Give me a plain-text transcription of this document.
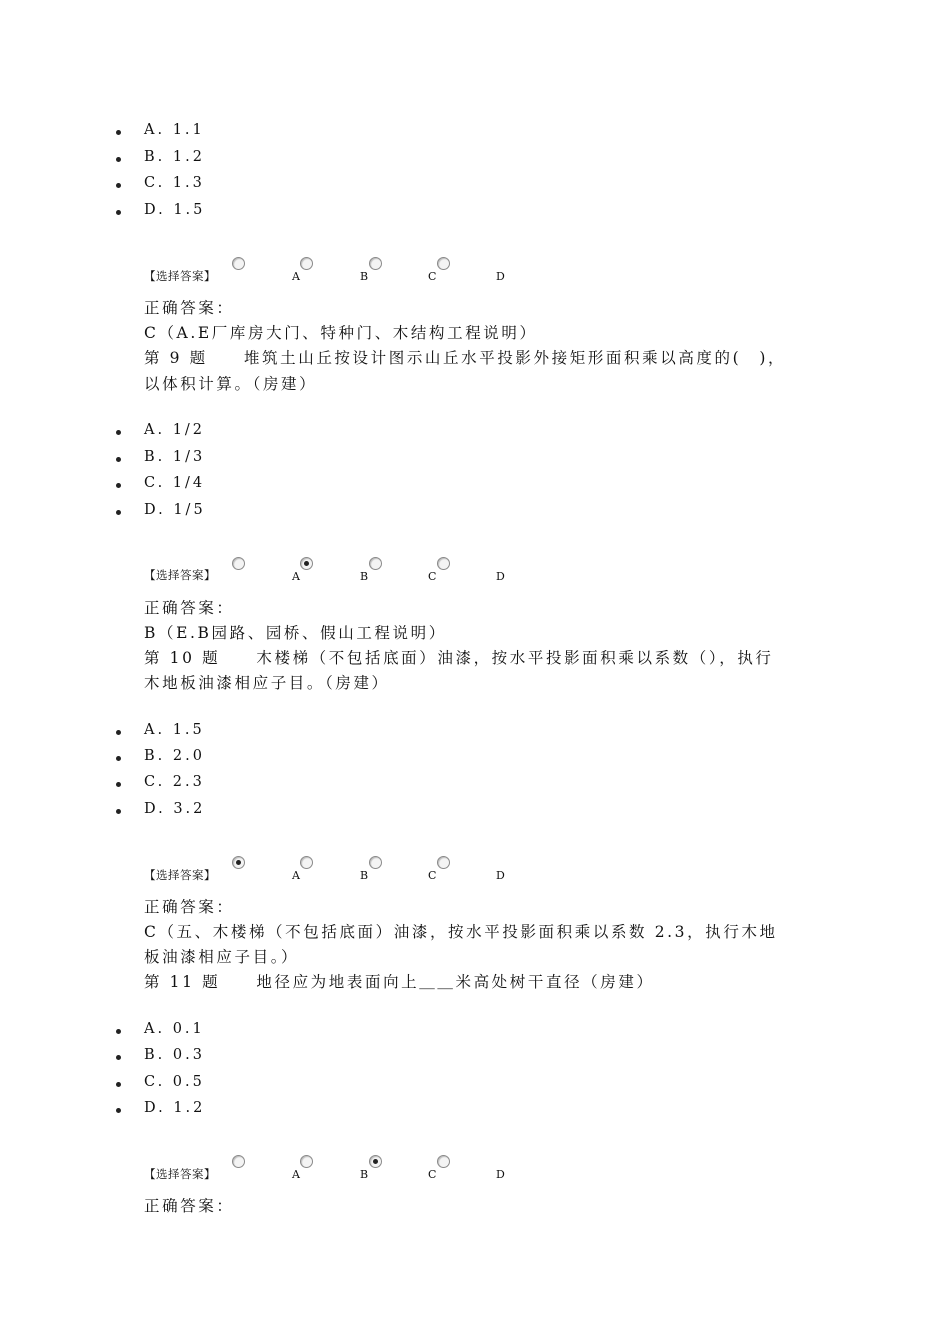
A. 1.1
B. 1.2
C. 1.3
D. 1.5
【选择答案】	A	B	C	D
正确答案：
C（A.E厂库房大门、特种门、木结构工程说明）
第 9 题　　堆筑土山丘按设计图示山丘水平投影外接矩形面积乘以高度的(　)，
以体积计算。（房建）
A. 1/2
B. 1/3
C. 1/4
D. 1/5
【选择答案】	A	B	C	D
正确答案：
B（E.B园路、园桥、假山工程说明）
第 10 题　　木楼梯（不包括底面）油漆，按水平投影面积乘以系数（），执行
木地板油漆相应子目。（房建）
A. 1.5
B. 2.0
C. 2.3
D. 3.2
【选择答案】	A	B	C	D
正确答案：
C（五、木楼梯（不包括底面）油漆，按水平投影面积乘以系数 2.3，执行木地
板油漆相应子目。）
第 11 题　　地径应为地表面向上＿＿米高处树干直径（房建）
A. 0.1
B. 0.3
C. 0.5
D. 1.2
【选择答案】	A	B	C	D
正确答案：
